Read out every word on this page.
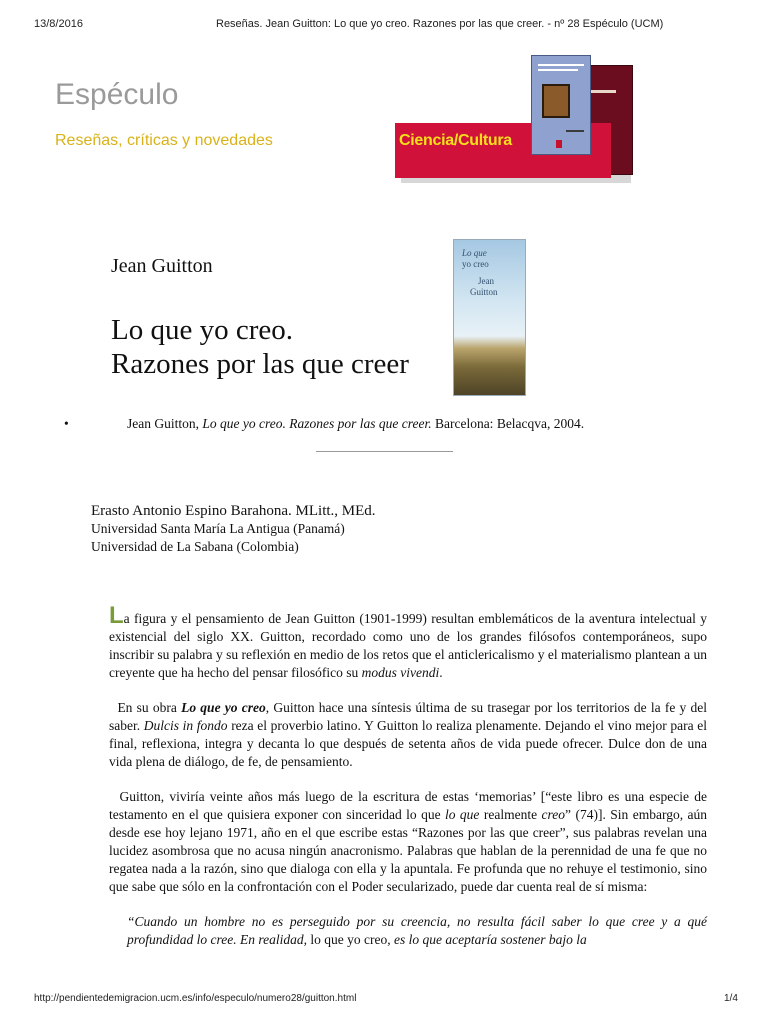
13/8/2016	Reseñas. Jean Guitton: Lo que yo creo. Razones por las que creer. - nº 28 Espéculo (UCM)
Espéculo
Reseñas, críticas y novedades	Ciencia/Cultura
Jean Guitton
Lo que yo creo.
Razones por las que creer
Lo que
yo creo
Jean
Guitton
•	Jean Guitton, Lo que yo creo. Razones por las que creer. Barcelona: Belacqva, 2004.
Erasto Antonio Espino Barahona. MLitt., MEd.
Universidad Santa María La Antigua (Panamá)
Universidad de La Sabana (Colombia)

La figura y el pensamiento de Jean Guitton (1901-1999) resultan emblemáticos de la aventura intelectual y existencial del siglo XX. Guitton, recordado como uno de los grandes filósofos contemporáneos, supo inscribir su palabra y su reflexión en medio de los retos que el anticlericalismo y el materialismo plantean a un creyente que ha hecho del pensar filosófico su modus vivendi.

En su obra Lo que yo creo, Guitton hace una síntesis última de su trasegar por los territorios de la fe y del saber. Dulcis in fondo reza el proverbio latino. Y Guitton lo realiza plenamente. Dejando el vino mejor para el final, reflexiona, integra y decanta lo que después de setenta años de vida puede ofrecer. Dulce don de una vida plena de diálogo, de fe, de pensamiento.

Guitton, viviría veinte años más luego de la escritura de estas ‘memorias’ [“este libro es una especie de testamento en el que quisiera exponer con sinceridad lo que lo que realmente creo” (74)]. Sin embargo, aún desde ese hoy lejano 1971, año en el que escribe estas “Razones por las que creer”, sus palabras revelan una lucidez asombrosa que no acusa ningún anacronismo. Palabras que hablan de la perennidad de una fe que no regatea nada a la razón, sino que dialoga con ella y la apuntala. Fe profunda que no rehuye el testimonio, sino que sabe que sólo en la confrontación con el Poder secularizado, puede dar cuenta real de sí misma:

“Cuando un hombre no es perseguido por su creencia, no resulta fácil saber lo que cree y a qué profundidad lo cree. En realidad, lo que yo creo, es lo que aceptaría sostener bajo la

http://pendientedemigracion.ucm.es/info/especulo/numero28/guitton.html	1/4
